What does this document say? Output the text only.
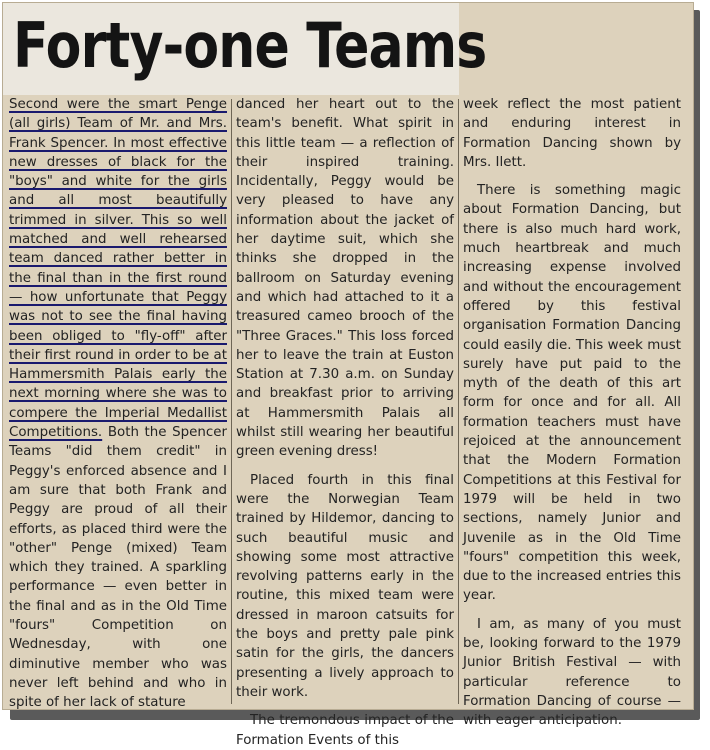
Forty-one Teams

Second were the smart Penge (all girls) Team of Mr. and Mrs. Frank Spencer. In most effective new dresses of black for the "boys" and white for the girls and all most beautifully trimmed in silver. This so well matched and well rehearsed team danced rather better in the final than in the first round — how unfortunate that Peggy was not to see the final having been obliged to "fly-off" after their first round in order to be at Hammersmith Palais early the next morning where she was to compere the Imperial Medallist Competitions. Both the Spencer Teams "did them credit" in Peggy's enforced absence and I am sure that both Frank and Peggy are proud of all their efforts, as placed third were the "other" Penge (mixed) Team which they trained. A sparkling performance — even better in the final and as in the Old Time "fours" Competition on Wednesday, with one diminutive member who was never left behind and who in spite of her lack of stature

danced her heart out to the team's benefit. What spirit in this little team — a reflection of their inspired training. Incidentally, Peggy would be very pleased to have any information about the jacket of her daytime suit, which she thinks she dropped in the ballroom on Saturday evening and which had attached to it a treasured cameo brooch of the "Three Graces." This loss forced her to leave the train at Euston Station at 7.30 a.m. on Sunday and breakfast prior to arriving at Hammersmith Palais all whilst still wearing her beautiful green evening dress!

Placed fourth in this final were the Norwegian Team trained by Hildemor, dancing to such beautiful music and showing some most attractive revolving patterns early in the routine, this mixed team were dressed in maroon catsuits for the boys and pretty pale pink satin for the girls, the dancers presenting a lively approach to their work.

The tremondous impact of the Formation Events of this

week reflect the most patient and enduring interest in Formation Dancing shown by Mrs. Ilett.

There is something magic about Formation Dancing, but there is also much hard work, much heartbreak and much increasing expense involved and without the encouragement offered by this festival organisation Formation Dancing could easily die. This week must surely have put paid to the myth of the death of this art form for once and for all. All formation teachers must have rejoiced at the announcement that the Modern Formation Competitions at this Festival for 1979 will be held in two sections, namely Junior and Juvenile as in the Old Time "fours" competition this week, due to the increased entries this year.

I am, as many of you must be, looking forward to the 1979 Junior British Festival — with particular reference to Formation Dancing of course — with eager anticipation.
